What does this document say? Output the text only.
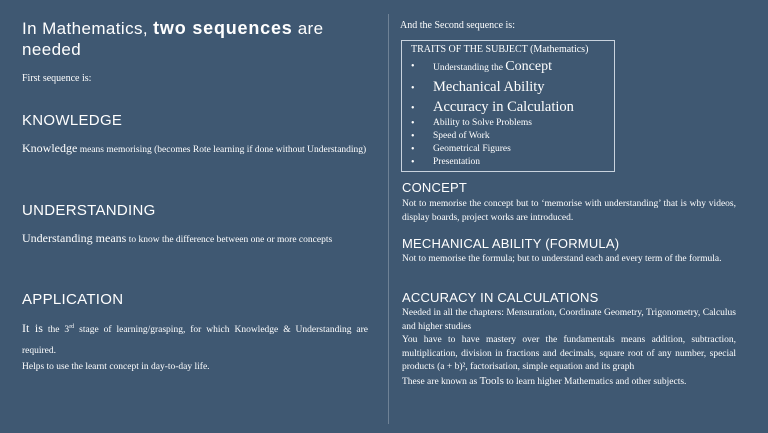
In Mathematics, two sequences are needed
First sequence is:
KNOWLEDGE
Knowledge means memorising (becomes Rote learning if done without Understanding)
UNDERSTANDING
Understanding means to know the difference between one or more concepts
APPLICATION
It is the 3rd stage of learning/grasping, for which Knowledge & Understanding are required.
Helps to use the learnt concept in day-to-day life.
And the Second sequence is:
TRAITS OF THE SUBJECT (Mathematics)
• Understanding the Concept
• Mechanical Ability
• Accuracy in Calculation
• Ability to Solve Problems
• Speed of Work
• Geometrical Figures
• Presentation
CONCEPT
Not to memorise the concept but to ‘memorise with understanding’ that is why videos, display boards, project works are introduced.
MECHANICAL ABILITY (FORMULA)
Not to memorise the formula; but to understand each and every term of the formula.
ACCURACY IN CALCULATIONS
Needed in all the chapters: Mensuration, Coordinate Geometry, Trigonometry, Calculus and higher studies
You have to have mastery over the fundamentals means addition, subtraction, multiplication, division in fractions and decimals, square root of any number, special products (a + b)², factorisation, simple equation and its graph
These are known as Tools to learn higher Mathematics and other subjects.
